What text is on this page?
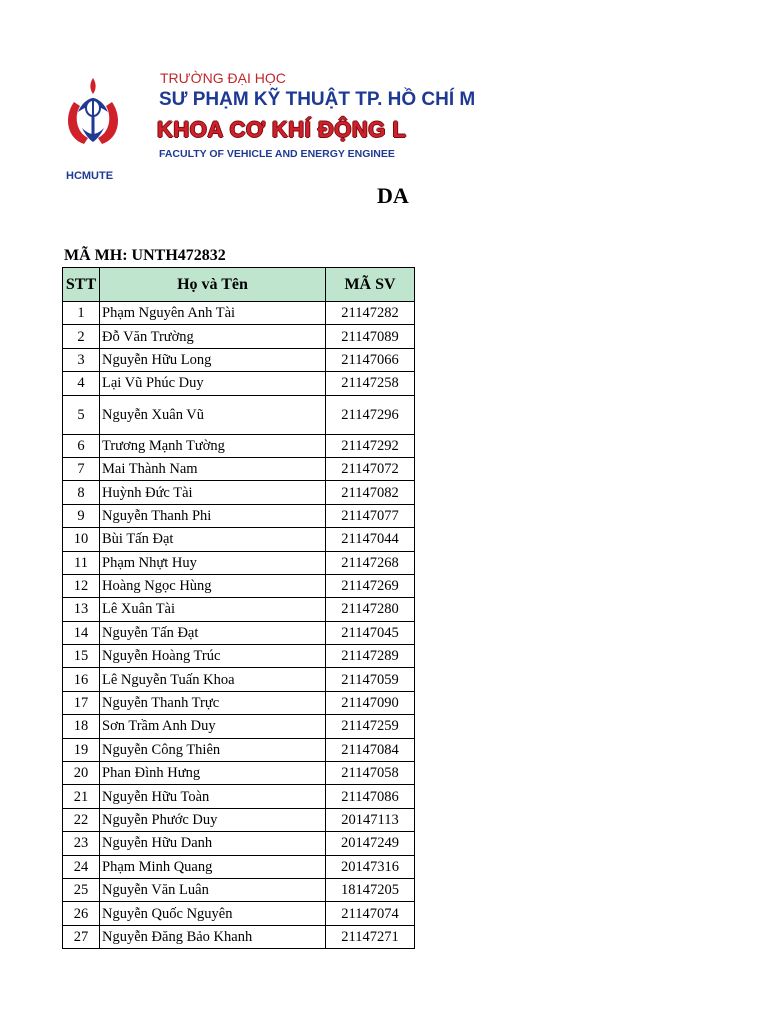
HCMUTE
TRƯỜNG ĐẠI HỌC
SƯ PHẠM KỸ THUẬT TP. HỒ CHÍ M
KHOA CƠ KHÍ ĐỘNG L
FACULTY OF VEHICLE AND ENERGY ENGINEE
DA
MÃ MH: UNTH472832
STT	Họ và Tên	MÃ SV
1	Phạm Nguyên Anh Tài	21147282
2	Đỗ Văn Trường	21147089
3	Nguyễn Hữu Long	21147066
4	Lại Vũ Phúc Duy	21147258
5	Nguyễn Xuân Vũ	21147296
6	Trương Mạnh Tường	21147292
7	Mai Thành Nam	21147072
8	Huỳnh Đức Tài	21147082
9	Nguyễn Thanh Phi	21147077
10	Bùi Tấn Đạt	21147044
11	Phạm Nhựt Huy	21147268
12	Hoàng Ngọc Hùng	21147269
13	Lê Xuân Tài	21147280
14	Nguyễn Tấn Đạt	21147045
15	Nguyễn Hoàng Trúc	21147289
16	Lê Nguyễn Tuấn Khoa	21147059
17	Nguyễn Thanh Trực	21147090
18	Sơn Trầm Anh Duy	21147259
19	Nguyễn Công Thiên	21147084
20	Phan Đình Hưng	21147058
21	Nguyễn Hữu Toàn	21147086
22	Nguyễn Phước Duy	20147113
23	Nguyễn Hữu Danh	20147249
24	Phạm Minh Quang	20147316
25	Nguyễn Văn Luân	18147205
26	Nguyễn Quốc Nguyên	21147074
27	Nguyễn Đăng Bảo Khanh	21147271
